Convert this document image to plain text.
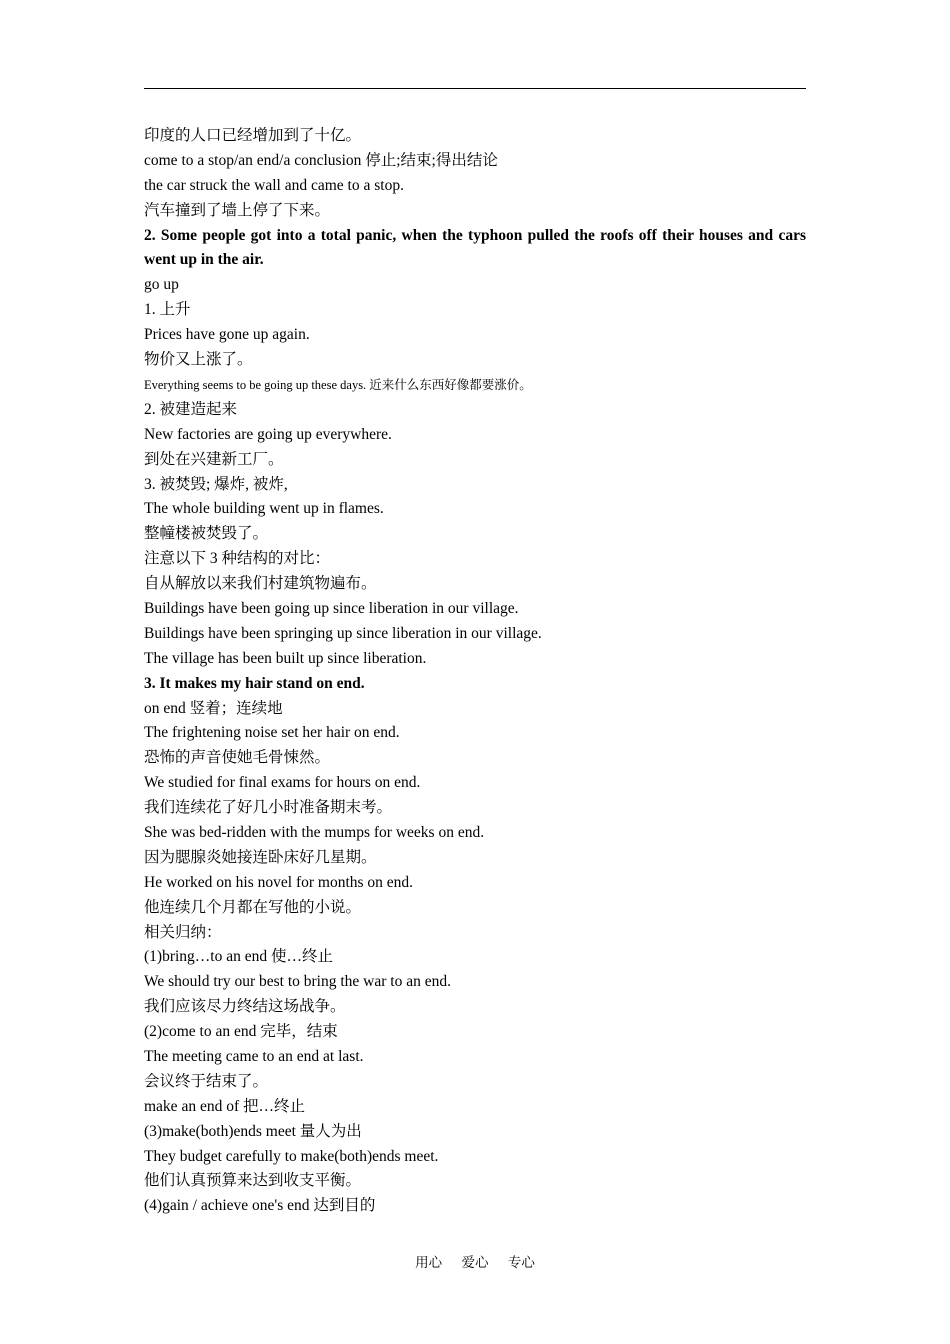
印度的人口已经增加到了十亿。
come to a stop/an end/a conclusion 停止;结束;得出结论
the car struck the wall and came to a stop.
汽车撞到了墙上停了下来。
2. Some people got into a total panic, when the typhoon pulled the roofs off their houses and cars went up in the air.
go up
1. 上升
Prices have gone up again.
物价又上涨了。
Everything seems to be going up these days. 近来什么东西好像都要涨价。
2. 被建造起来
New factories are going up everywhere.
到处在兴建新工厂。
3. 被焚毁; 爆炸, 被炸,
The whole building went up in flames.
整幢楼被焚毁了。
注意以下 3 种结构的对比：
自从解放以来我们村建筑物遍布。
Buildings have been going up since liberation in our village.
Buildings have been springing up since liberation in our village.
The village has been built up since liberation.
3. It makes my hair stand on end.
on end 竖着；连续地
The frightening noise set her hair on end.
恐怖的声音使她毛骨悚然。
We studied for final exams for hours on end.
我们连续花了好几小时准备期末考。
She was bed-ridden with the mumps for weeks on end.
因为腮腺炎她接连卧床好几星期。
He worked on his novel for months on end.
他连续几个月都在写他的小说。
相关归纳：
(1)bring…to an end 使…终止
We should try our best to bring the war to an end.
我们应该尽力终结这场战争。
(2)come to an end 完毕，结束
The meeting came to an end at last.
会议终于结束了。
make an end of 把…终止
(3)make(both)ends meet 量人为出
They budget carefully to make(both)ends meet.
他们认真预算来达到收支平衡。
(4)gain / achieve one's end 达到目的
用心 爱心 专心
